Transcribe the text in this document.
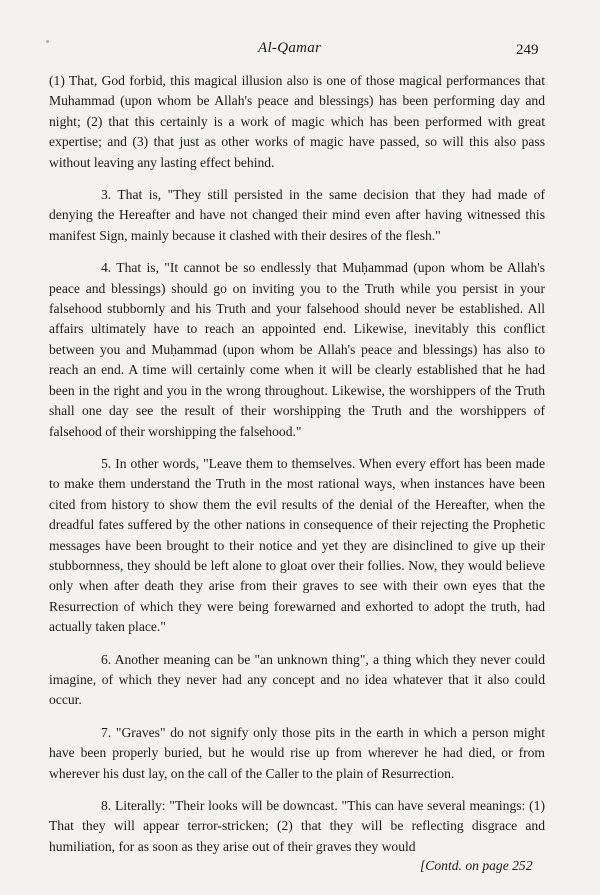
Al-Qamar	249

(1) That, God forbid, this magical illusion also is one of those magical performances that Muhammad (upon whom be Allah's peace and blessings) has been performing day and night; (2) that this certainly is a work of magic which has been performed with great expertise; and (3) that just as other works of magic have passed, so will this also pass without leaving any lasting effect behind.

3. That is, "They still persisted in the same decision that they had made of denying the Hereafter and have not changed their mind even after having witnessed this manifest Sign, mainly because it clashed with their desires of the flesh."

4. That is, "It cannot be so endlessly that Muḥammad (upon whom be Allah's peace and blessings) should go on inviting you to the Truth while you persist in your falsehood stubbornly and his Truth and your falsehood should never be established. All affairs ultimately have to reach an appointed end. Likewise, inevitably this conflict between you and Muḥammad (upon whom be Allah's peace and blessings) has also to reach an end. A time will certainly come when it will be clearly established that he had been in the right and you in the wrong throughout. Likewise, the worshippers of the Truth shall one day see the result of their worshipping the Truth and the worshippers of falsehood of their worshipping the falsehood."

5. In other words, "Leave them to themselves. When every effort has been made to make them understand the Truth in the most rational ways, when instances have been cited from history to show them the evil results of the denial of the Hereafter, when the dreadful fates suffered by the other nations in consequence of their rejecting the Prophetic messages have been brought to their notice and yet they are disinclined to give up their stubbornness, they should be left alone to gloat over their follies. Now, they would believe only when after death they arise from their graves to see with their own eyes that the Resurrection of which they were being forewarned and exhorted to adopt the truth, had actually taken place."

6. Another meaning can be "an unknown thing", a thing which they never could imagine, of which they never had any concept and no idea whatever that it also could occur.

7. "Graves" do not signify only those pits in the earth in which a person might have been properly buried, but he would rise up from wherever he had died, or from wherever his dust lay, on the call of the Caller to the plain of Resurrection.

8. Literally: "Their looks will be downcast. "This can have several meanings: (1) That they will appear terror-stricken; (2) that they will be reflecting disgrace and humiliation, for as soon as they arise out of their graves they would

[Contd. on page 252
